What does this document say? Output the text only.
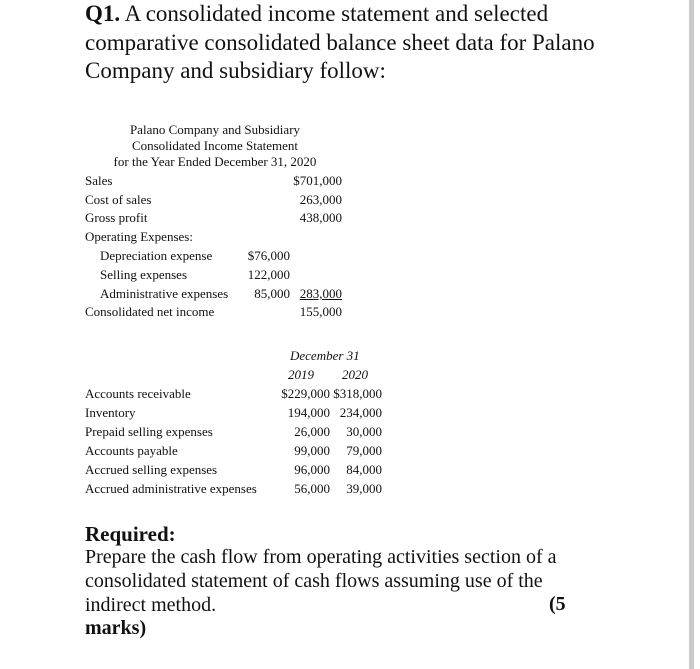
Q1. A consolidated income statement and selected comparative consolidated balance sheet data for Palano Company and subsidiary follow:
Palano Company and Subsidiary
Consolidated Income Statement
for the Year Ended December 31, 2020
Sales	$701,000
Cost of sales	263,000
Gross profit	438,000
Operating Expenses:
Depreciation expense	$76,000
Selling expenses	122,000
Administrative expenses	85,000 283,000
Consolidated net income	155,000
December 31
2019 2020
Accounts receivable	$229,000 $318,000
Inventory	194,000 234,000
Prepaid selling expenses	26,000	30,000
Accounts payable	99,000	79,000
Accrued selling expenses	96,000	84,000
Accrued administrative expenses	56,000	39,000
Required:
Prepare the cash flow from operating activities section of a consolidated statement of cash flows assuming use of the indirect method.	(5
marks)
